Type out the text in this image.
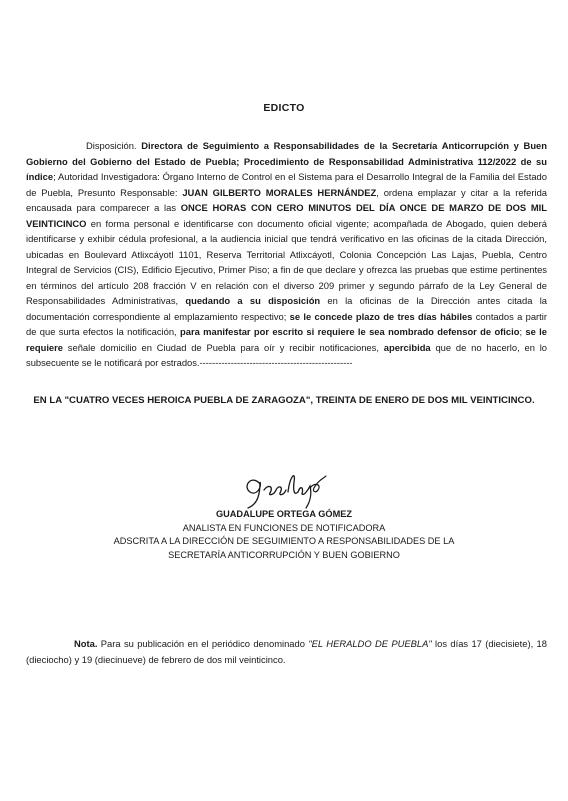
EDICTO

Disposición. Directora de Seguimiento a Responsabilidades de la Secretaría Anticorrupción y Buen Gobierno del Gobierno del Estado de Puebla; Procedimiento de Responsabilidad Administrativa 112/2022 de su índice; Autoridad Investigadora: Órgano Interno de Control en el Sistema para el Desarrollo Integral de la Familia del Estado de Puebla, Presunto Responsable: JUAN GILBERTO MORALES HERNÁNDEZ, ordena emplazar y citar a la referida encausada para comparecer a las ONCE HORAS CON CERO MINUTOS DEL DÍA ONCE DE MARZO DE DOS MIL VEINTICINCO en forma personal e identificarse con documento oficial vigente; acompañada de Abogado, quien deberá identificarse y exhibir cédula profesional, a la audiencia inicial que tendrá verificativo en las oficinas de la citada Dirección, ubicadas en Boulevard Atlixcáyotl 1101, Reserva Territorial Atlixcáyotl, Colonia Concepción Las Lajas, Puebla, Centro Integral de Servicios (CIS), Edificio Ejecutivo, Primer Piso; a fin de que declare y ofrezca las pruebas que estime pertinentes en términos del artículo 208 fracción V en relación con el diverso 209 primer y segundo párrafo de la Ley General de Responsabilidades Administrativas, quedando a su disposición en la oficinas de la Dirección antes citada la documentación correspondiente al emplazamiento respectivo; se le concede plazo de tres días hábiles contados a partir de que surta efectos la notificación, para manifestar por escrito si requiere le sea nombrado defensor de oficio; se le requiere señale domicilio en Ciudad de Puebla para oír y recibir notificaciones, apercibida que de no hacerlo, en lo subsecuente se le notificará por estrados.-------------------------------------------------

EN LA "CUATRO VECES HEROICA PUEBLA DE ZARAGOZA", TREINTA DE ENERO DE DOS MIL VEINTICINCO.
GUADALUPE ORTEGA GÓMEZ
ANALISTA EN FUNCIONES DE NOTIFICADORA
ADSCRITA A LA DIRECCIÓN DE SEGUIMIENTO A RESPONSABILIDADES DE LA
SECRETARÍA ANTICORRUPCIÓN Y BUEN GOBIERNO

Nota. Para su publicación en el periódico denominado "EL HERALDO DE PUEBLA" los días 17 (diecisiete), 18 (dieciocho) y 19 (diecinueve) de febrero de dos mil veinticinco.
